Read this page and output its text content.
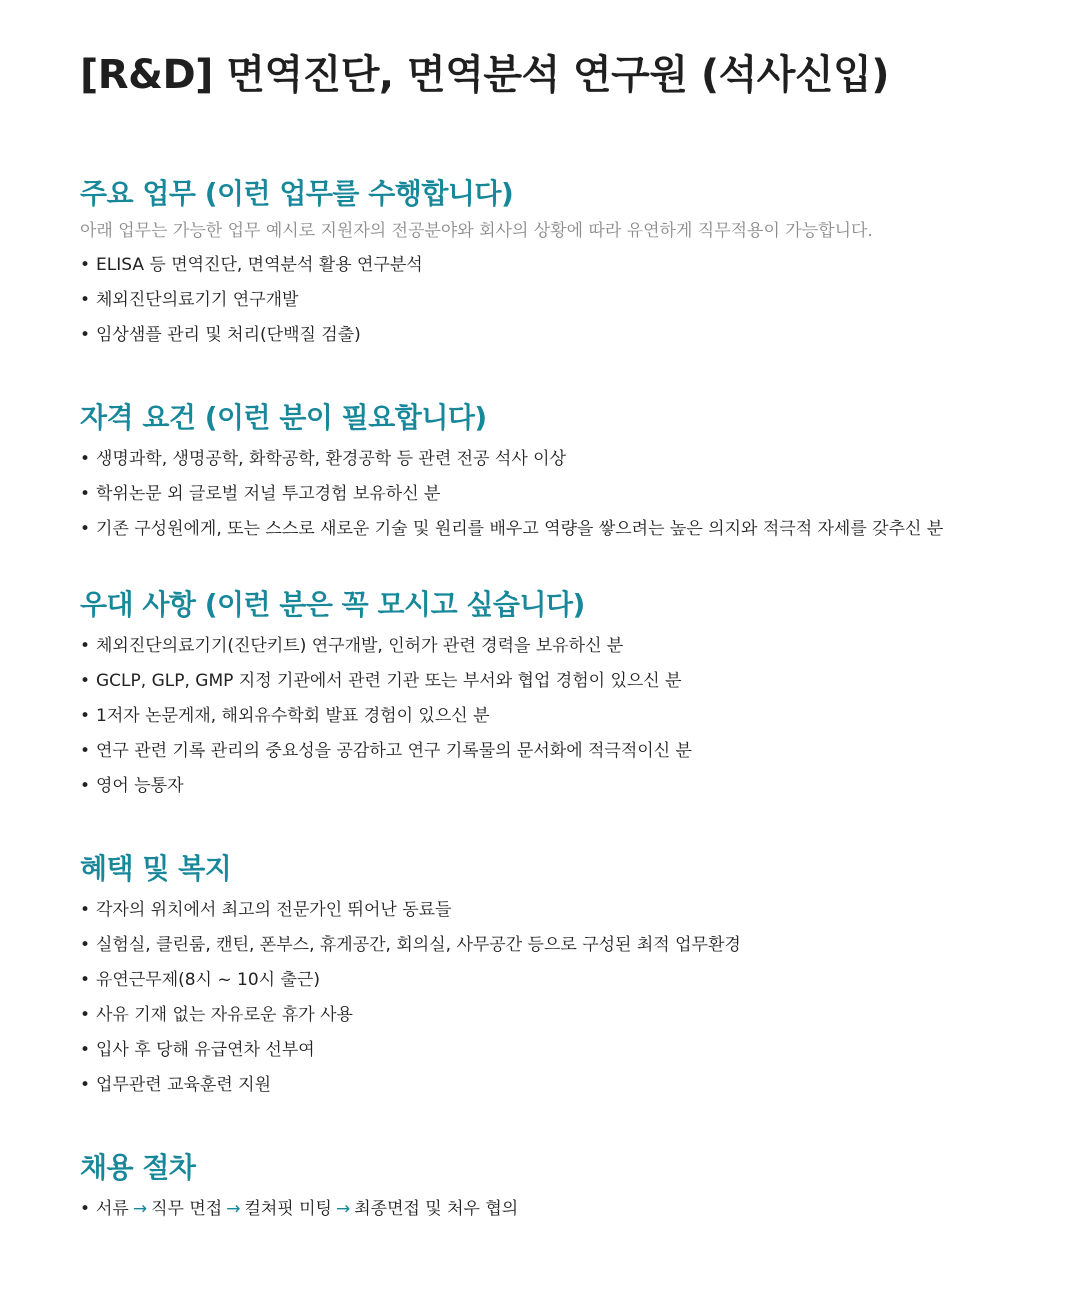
[R&D] 면역진단, 면역분석 연구원 (석사신입)
주요 업무 (이런 업무를 수행합니다)

아래 업무는 가능한 업무 예시로 지원자의 전공분야와 회사의 상황에 따라 유연하게 직무적용이 가능합니다.

• ELISA 등 면역진단, 면역분석 활용 연구분석
• 체외진단의료기기 연구개발
• 임상샘플 관리 및 처리(단백질 검출)
자격 요건 (이런 분이 필요합니다)
• 생명과학, 생명공학, 화학공학, 환경공학 등 관련 전공 석사 이상
• 학위논문 외 글로벌 저널 투고경험 보유하신 분
• 기존 구성원에게, 또는 스스로 새로운 기술 및 원리를 배우고 역량을 쌓으려는 높은 의지와 적극적 자세를 갖추신 분
우대 사항 (이런 분은 꼭 모시고 싶습니다)
• 체외진단의료기기(진단키트) 연구개발, 인허가 관련 경력을 보유하신 분
• GCLP, GLP, GMP 지정 기관에서 관련 기관 또는 부서와 협업 경험이 있으신 분
• 1저자 논문게재, 해외유수학회 발표 경험이 있으신 분
• 연구 관련 기록 관리의 중요성을 공감하고 연구 기록물의 문서화에 적극적이신 분
• 영어 능통자
혜택 및 복지
• 각자의 위치에서 최고의 전문가인 뛰어난 동료들
• 실험실, 클린룸, 캔틴, 폰부스, 휴게공간, 회의실, 사무공간 등으로 구성된 최적 업무환경
• 유연근무제(8시 ~ 10시 출근)
• 사유 기재 없는 자유로운 휴가 사용
• 입사 후 당해 유급연차 선부여
• 업무관련 교육훈련 지원
채용 절차
• 서류 → 직무 면접 → 컬쳐핏 미팅 → 최종면접 및 처우 협의
